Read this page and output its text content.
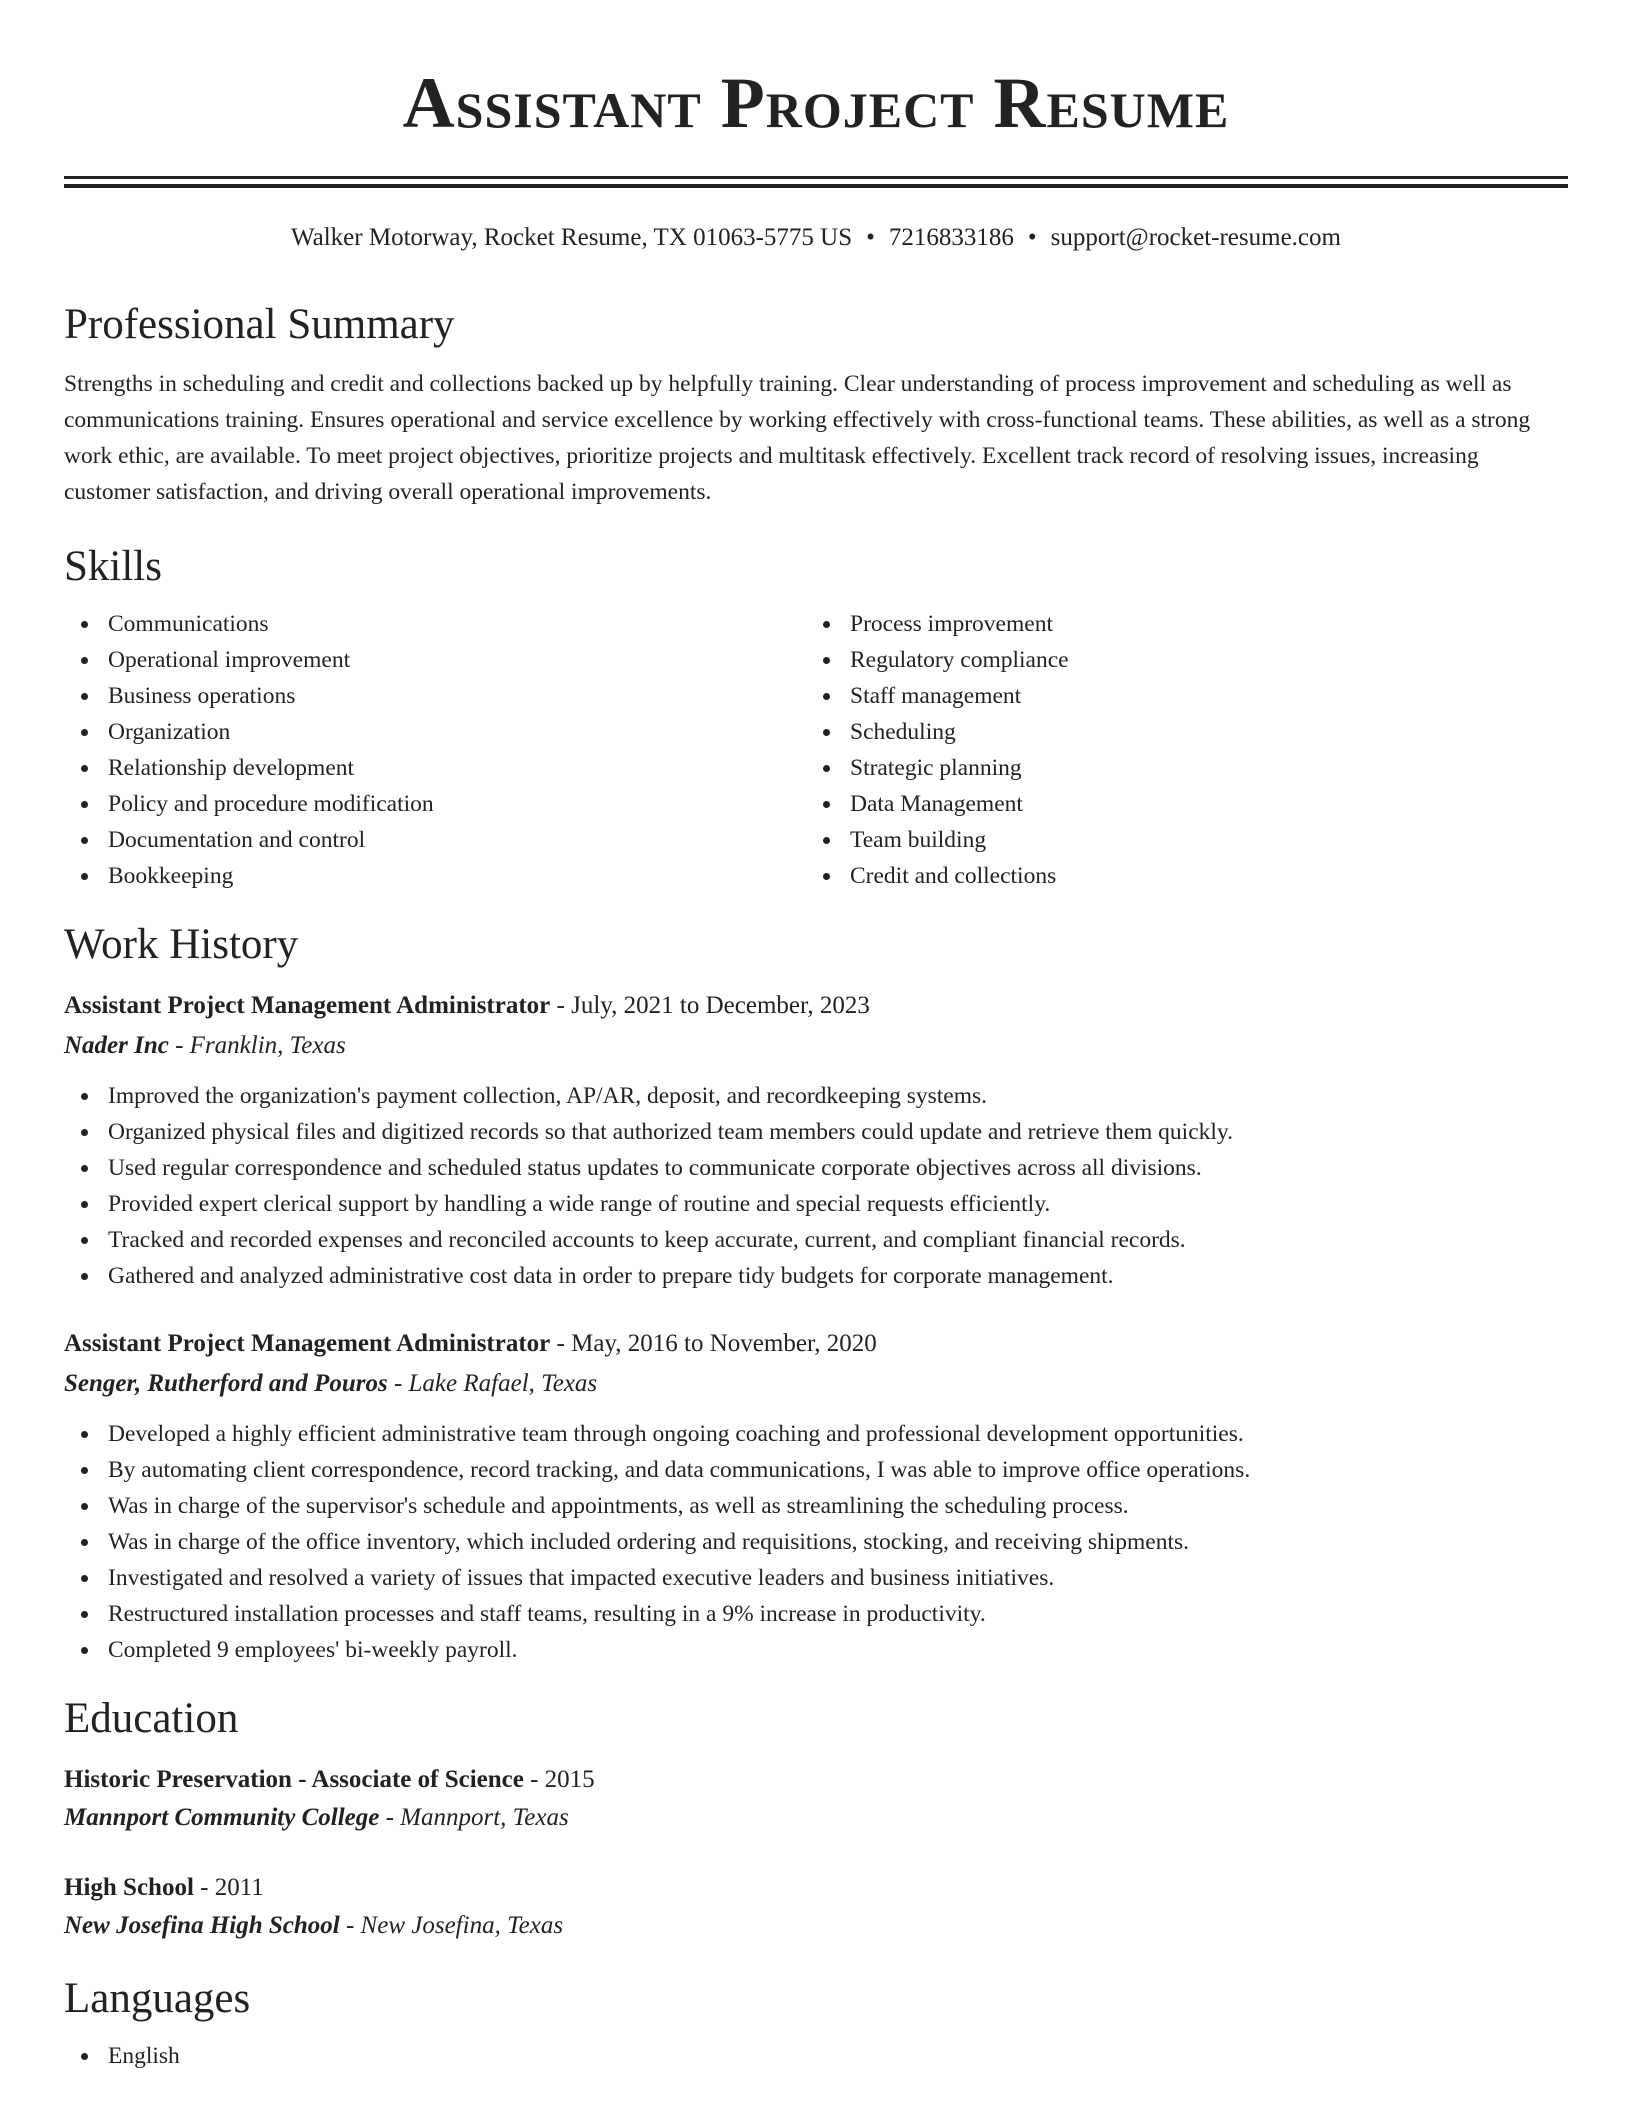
Assistant Project Resume
Walker Motorway, Rocket Resume, TX 01063-5775 US • 7216833186 • support@rocket-resume.com
Professional Summary

Strengths in scheduling and credit and collections backed up by helpfully training. Clear understanding of process improvement and scheduling as well as communications training. Ensures operational and service excellence by working effectively with cross-functional teams. These abilities, as well as a strong work ethic, are available. To meet project objectives, prioritize projects and multitask effectively. Excellent track record of resolving issues, increasing customer satisfaction, and driving overall operational improvements.

Skills
Communications
Operational improvement
Business operations
Organization
Relationship development
Policy and procedure modification
Documentation and control
Bookkeeping
Process improvement
Regulatory compliance
Staff management
Scheduling
Strategic planning
Data Management
Team building
Credit and collections
Work History
Assistant Project Management Administrator - July, 2021 to December, 2023
Nader Inc - Franklin, Texas
Improved the organization's payment collection, AP/AR, deposit, and recordkeeping systems.
Organized physical files and digitized records so that authorized team members could update and retrieve them quickly.
Used regular correspondence and scheduled status updates to communicate corporate objectives across all divisions.
Provided expert clerical support by handling a wide range of routine and special requests efficiently.
Tracked and recorded expenses and reconciled accounts to keep accurate, current, and compliant financial records.
Gathered and analyzed administrative cost data in order to prepare tidy budgets for corporate management.
Assistant Project Management Administrator - May, 2016 to November, 2020
Senger, Rutherford and Pouros - Lake Rafael, Texas
Developed a highly efficient administrative team through ongoing coaching and professional development opportunities.
By automating client correspondence, record tracking, and data communications, I was able to improve office operations.
Was in charge of the supervisor's schedule and appointments, as well as streamlining the scheduling process.
Was in charge of the office inventory, which included ordering and requisitions, stocking, and receiving shipments.
Investigated and resolved a variety of issues that impacted executive leaders and business initiatives.
Restructured installation processes and staff teams, resulting in a 9% increase in productivity.
Completed 9 employees' bi-weekly payroll.
Education
Historic Preservation - Associate of Science - 2015
Mannport Community College - Mannport, Texas
High School - 2011
New Josefina High School - New Josefina, Texas
Languages
English
